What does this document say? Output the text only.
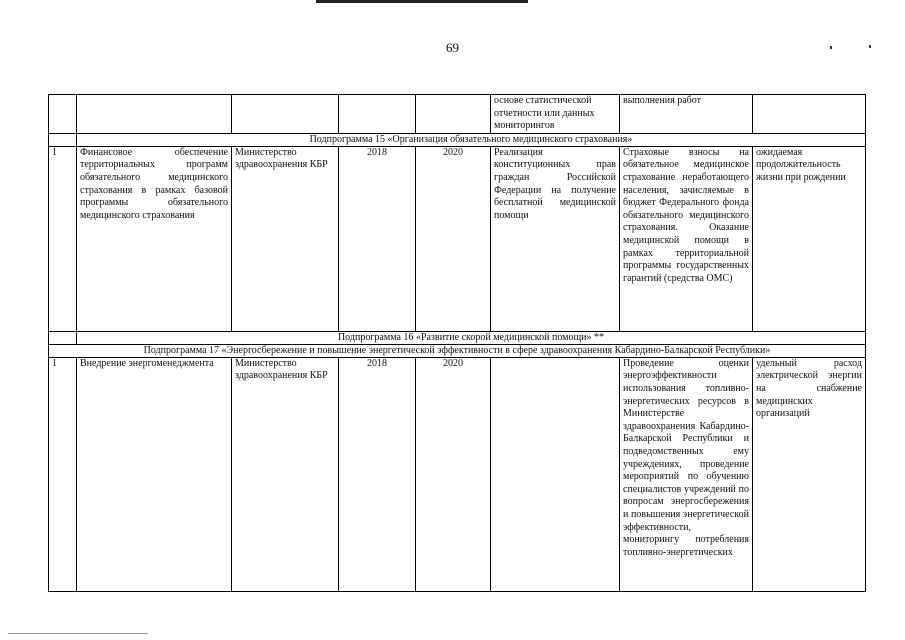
69
					основе статистической отчетности или данных мониторингов	выполнения работ	
	Подпрограмма 15 «Организация обязательного медицинского страхования»						
1	Финансовое обеспечение территориальных программ обязательного медицинского страхования в рамках базовой программы обязательного медицинского страхования	Министерство здравоохранения КБР	2018	2020	Реализация конституционных прав граждан Российской Федерации на получение бесплатной медицинской помощи	Страховые взносы на обязательное медицинское страхование неработающего населения, зачисляемые в бюджет Федерального фонда обязательного медицинского страхования. Оказание медицинской помощи в рамках территориальной программы государственных гарантий (средства ОМС)	ожидаемая продолжительность жизни при рождении
	Подпрограмма 16 «Развитие скорой медицинской помощи» **						
Подпрограмма 17 «Энергосбережение и повышение энергетической эффективности в сфере здравоохранения Кабардино-Балкарской Республики»							
1	Внедрение энергоменеджмента	Министерство здравоохранения КБР	2018	2020		Проведение оценки энергоэффективности использования топливно-энергетических ресурсов в Министерстве здравоохранения Кабардино-Балкарской Республики и подведомственных ему учреждениях, проведение мероприятий по обучению специалистов учреждений по вопросам энергосбережения и повышения энергетической эффективности, мониторингу потребления топливно-энергетических	удельный расход электрической энергии на снабжение медицинских организаций
